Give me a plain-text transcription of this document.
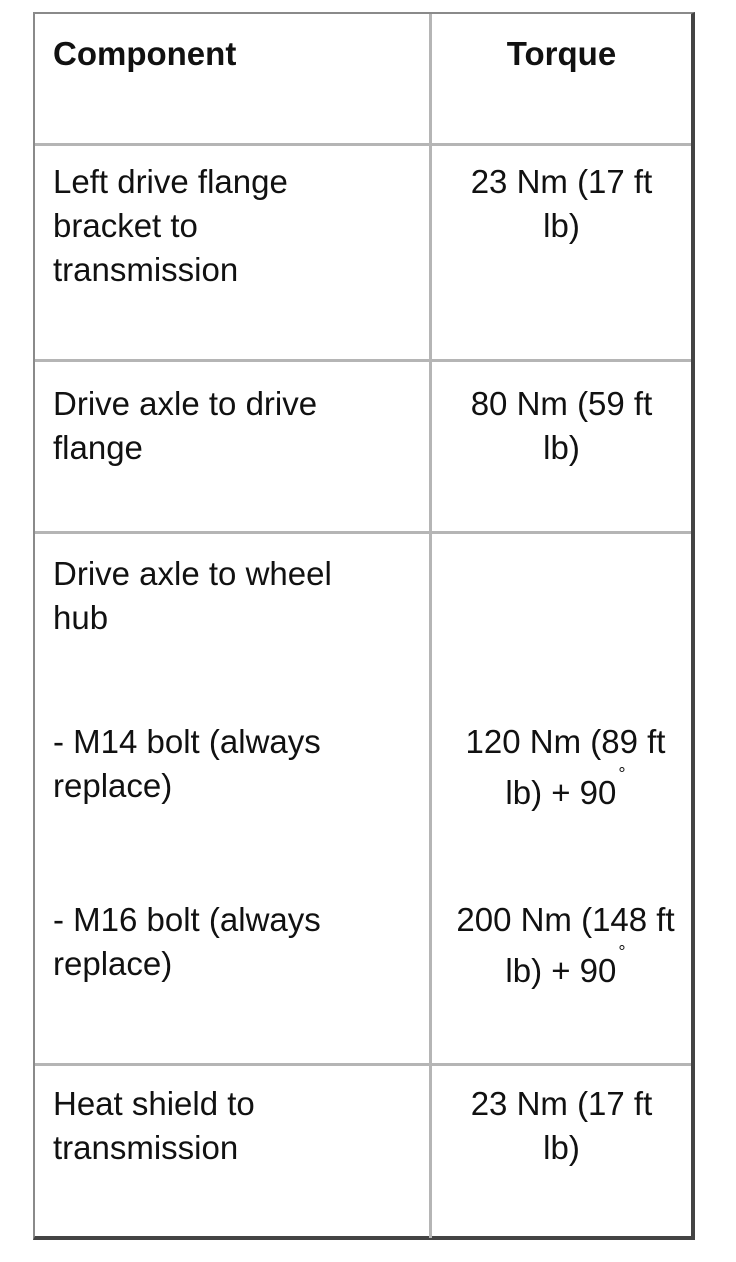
Component	Torque
Left drive flange bracket to transmission
23 Nm (17 ft lb)
Drive axle to drive flange
80 Nm (59 ft lb)
Drive axle to wheel hub
- M14 bolt (always replace)
- M16 bolt (always replace)
120 Nm (89 ft lb) + 90 °
200 Nm (148 ft lb) + 90 °
Heat shield to transmission
23 Nm (17 ft lb)
